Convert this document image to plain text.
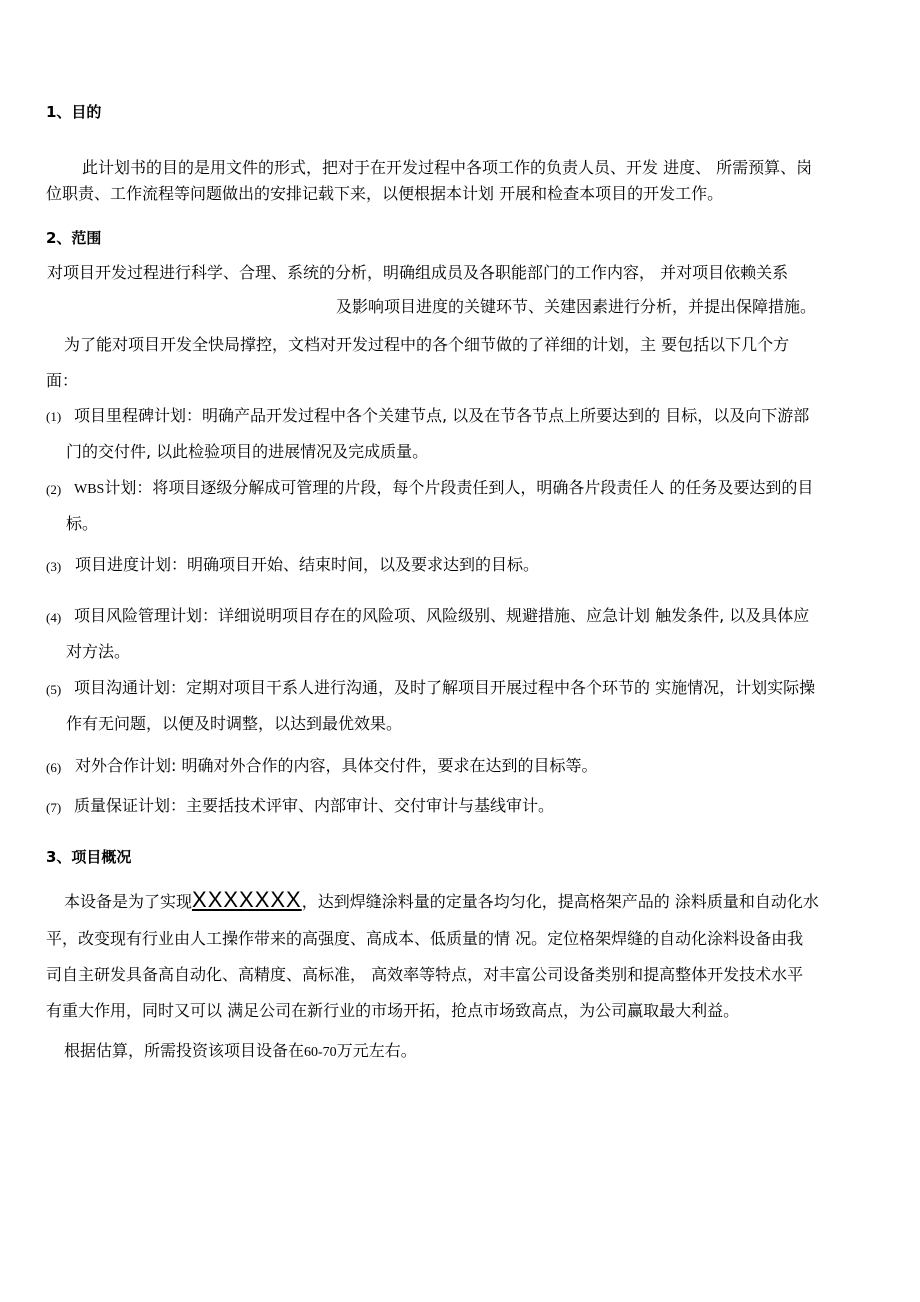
1、目的
此计划书的目的是用文件的形式，把对于在开发过程中各项工作的负责人员、开发 进度、 所需预算、岗
位职责、工作流程等问题做出的安排记载下来，以便根据本计划 开展和检查本项目的开发工作。
2、范围
对项目开发过程进行科学、合理、系统的分析，明确组成员及各职能部门的工作内容， 并对项目依赖关系
及影响项目进度的关键环节、关建因素进行分析，并提出保障措施。
为了能对项目开发全快局撑控，文档对开发过程中的各个细节做的了祥细的计划，主 要包括以下几个方
面：
(1) 项目里程碑计划：明确产品开发过程中各个关建节点, 以及在节各节点上所要达到的 目标，以及向下游部
门的交付件, 以此检验项目的进展情况及完成质量。
(2) WBS计划：将项目逐级分解成可管理的片段，每个片段责任到人，明确各片段责任人 的任务及要达到的目
标。
(3) 项目进度计划：明确项目开始、结束时间，以及要求达到的目标。
(4) 项目风险管理计划：详细说明项目存在的风险项、风险级别、规避措施、应急计划 触发条件, 以及具体应
对方法。
(5) 项目沟通计划：定期对项目干系人进行沟通，及时了解项目开展过程中各个环节的 实施情况，计划实际操
作有无问题，以便及时调整，以达到最优效果。
(6) 对外合作计划: 明确对外合作的内容，具体交付件，要求在达到的目标等。
(7) 质量保证计划：主要括技术评审、内部审计、交付审计与基线审计。
3、项目概况
本设备是为了实现XXXXXXX，达到焊缝涂料量的定量各均匀化，提高格架产品的 涂料质量和自动化水
平，改变现有行业由人工操作带来的高强度、高成本、低质量的情 况。定位格架焊缝的自动化涂料设备由我
司自主研发具备高自动化、高精度、高标准， 高效率等特点，对丰富公司设备类别和提高整体开发技术水平
有重大作用，同时又可以 满足公司在新行业的市场开拓，抢点市场致高点，为公司赢取最大利益。
根据估算，所需投资该项目设备在60-70万元左右。
